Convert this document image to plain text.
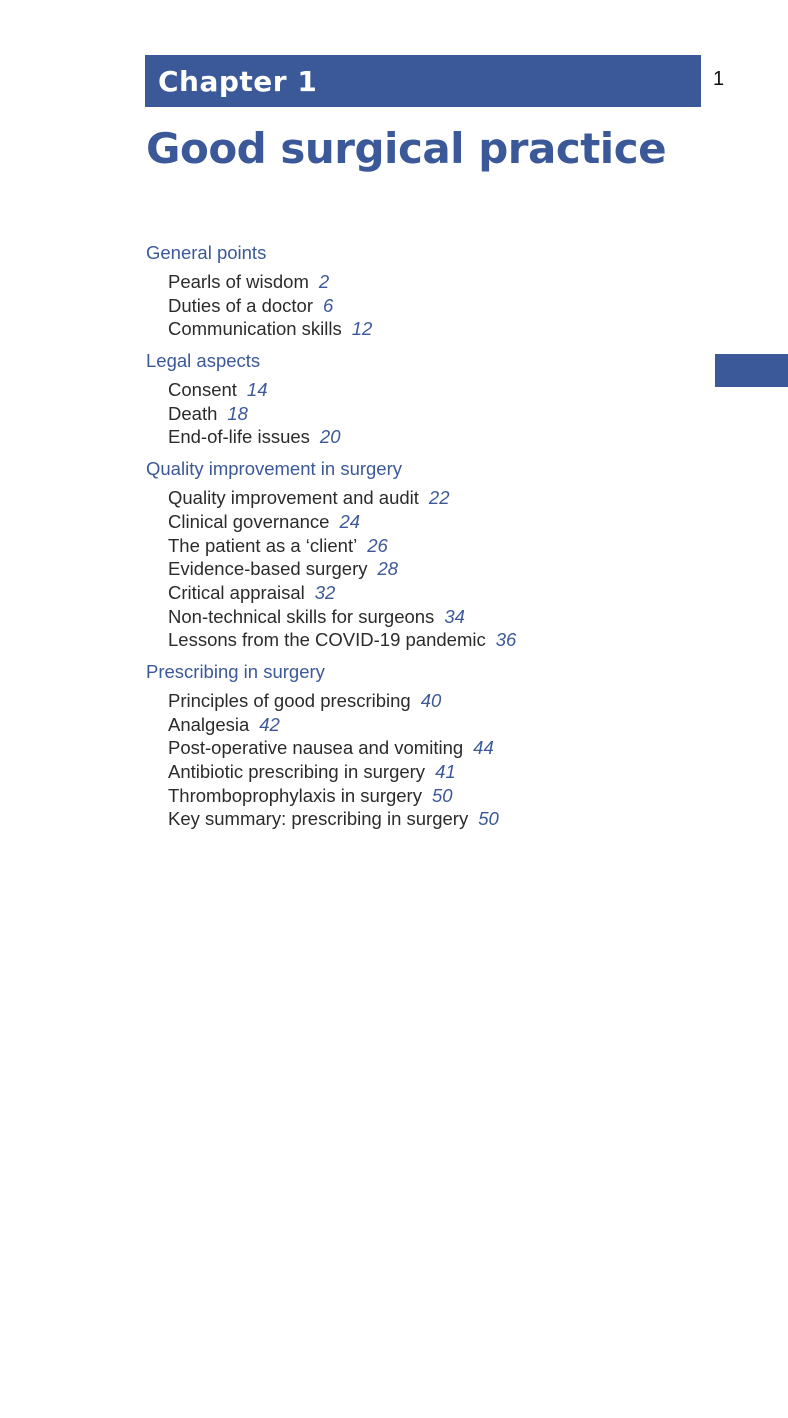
Chapter 1	1
Good surgical practice
General points
Pearls of wisdom 2
Duties of a doctor 6
Communication skills 12
Legal aspects
Consent 14
Death 18
End-of-life issues 20
Quality improvement in surgery
Quality improvement and audit 22
Clinical governance 24
The patient as a ‘client’ 26
Evidence-based surgery 28
Critical appraisal 32
Non-technical skills for surgeons 34
Lessons from the COVID-19 pandemic 36
Prescribing in surgery
Principles of good prescribing 40
Analgesia 42
Post-operative nausea and vomiting 44
Antibiotic prescribing in surgery 41
Thromboprophylaxis in surgery 50
Key summary: prescribing in surgery 50
